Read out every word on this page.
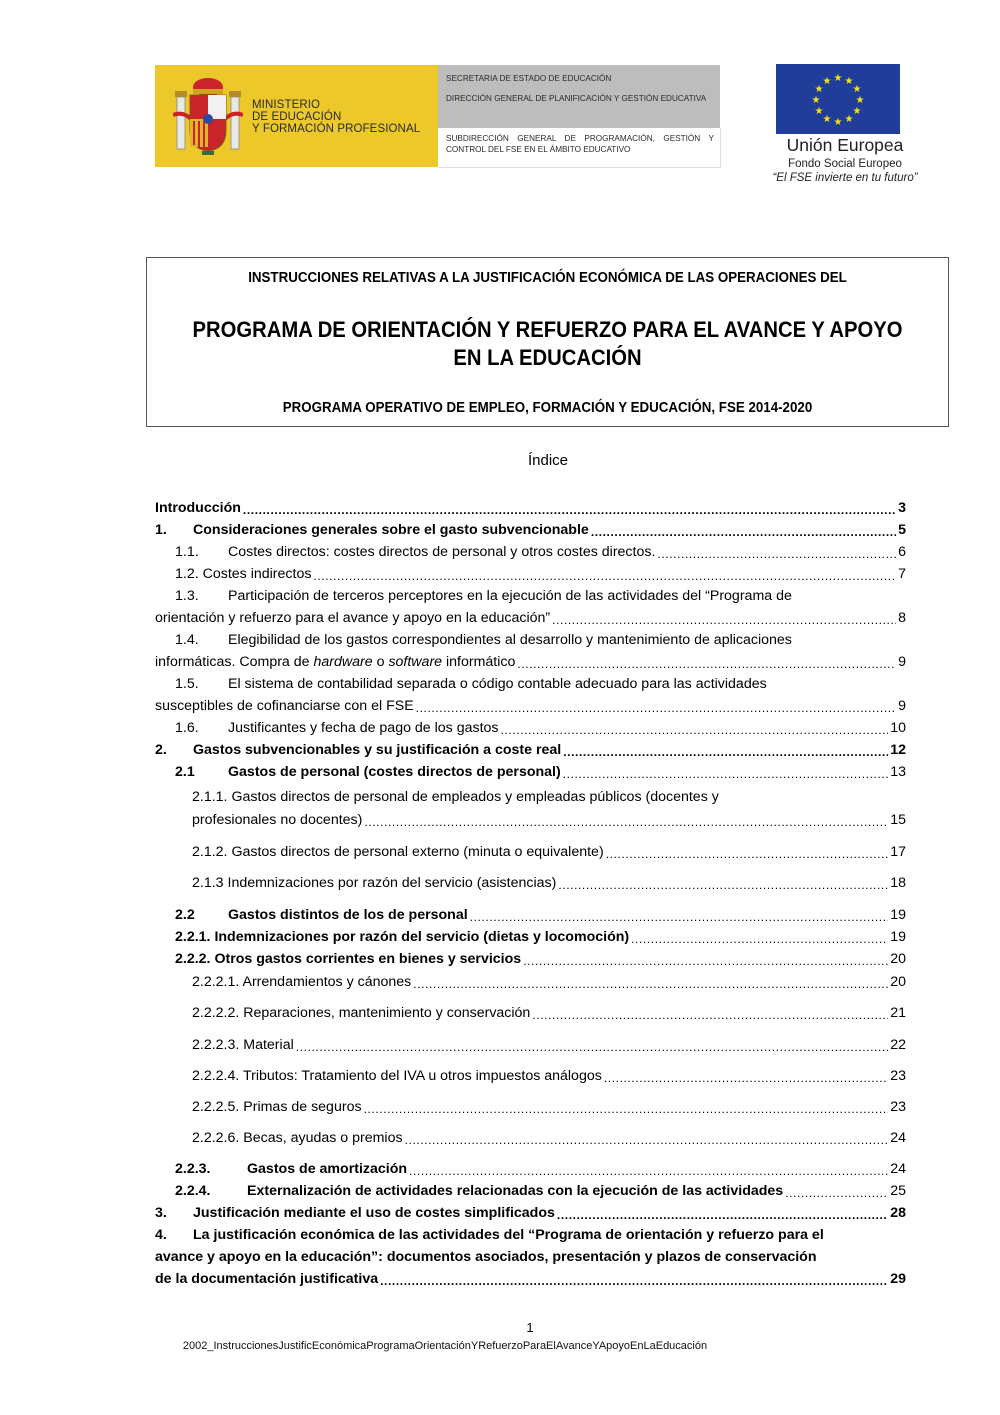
MINISTERIO
DE EDUCACIÓN
Y FORMACIÓN PROFESIONAL
SECRETARIA DE ESTADO DE EDUCACIÓN
DIRECCIÓN GENERAL DE PLANIFICACIÓN Y GESTIÓN EDUCATIVA
SUBDIRECCIÓN GENERAL DE PROGRAMACIÓN, GESTIÓN Y CONTROL DEL FSE EN EL ÁMBITO EDUCATIVO
★ ★
★
★
★
★
★
★
★
★
★
★
Unión Europea
Fondo Social Europeo
“El FSE invierte en tu futuro”
INSTRUCCIONES RELATIVAS A LA JUSTIFICACIÓN ECONÓMICA DE LAS OPERACIONES DEL
PROGRAMA DE ORIENTACIÓN Y REFUERZO PARA EL AVANCE Y APOYO
EN LA EDUCACIÓN
PROGRAMA OPERATIVO DE EMPLEO, FORMACIÓN Y EDUCACIÓN, FSE 2014-2020
Índice
Introducción .....	3
1. Consideraciones generales sobre el gasto subvencionable .....	5
1.1. Costes directos: costes directos de personal y otros costes directos. .....	6
1.2. Costes indirectos .....	7
1.3. Participación de terceros perceptores en la ejecución de las actividades del “Programa de
orientación y refuerzo para el avance y apoyo en la educación” .....	8
1.4. Elegibilidad de los gastos correspondientes al desarrollo y mantenimiento de aplicaciones
informáticas. Compra de hardware o software informático .....	9
1.5. El sistema de contabilidad separada o código contable adecuado para las actividades
susceptibles de cofinanciarse con el FSE .....	9
1.6. Justificantes y fecha de pago de los gastos .....	10
2. Gastos subvencionables y su justificación a coste real .....	12
2.1 Gastos de personal (costes directos de personal) .....	13
2.1.1. Gastos directos de personal de empleados y empleadas públicos (docentes y
profesionales no docentes) .....	15
2.1.2. Gastos directos de personal externo (minuta o equivalente) .....	17
2.1.3 Indemnizaciones por razón del servicio (asistencias) .....	18
2.2 Gastos distintos de los de personal .....	19
2.2.1. Indemnizaciones por razón del servicio (dietas y locomoción) .....	19
2.2.2. Otros gastos corrientes en bienes y servicios .....	20
2.2.2.1. Arrendamientos y cánones .....	20
2.2.2.2. Reparaciones, mantenimiento y conservación .....	21
2.2.2.3. Material .....	22
2.2.2.4. Tributos: Tratamiento del IVA u otros impuestos análogos .....	23
2.2.2.5. Primas de seguros .....	23
2.2.2.6. Becas, ayudas o premios .....	24
2.2.3.	Gastos de amortización .....	24
2.2.4.	Externalización de actividades relacionadas con la ejecución de las actividades .....	25
3. Justificación mediante el uso de costes simplificados .....	28
4. La justificación económica de las actividades del “Programa de orientación y refuerzo para el
avance y apoyo en la educación”: documentos asociados, presentación y plazos de conservación
de la documentación justificativa .....	29
1
2002_InstruccionesJustificEconómicaProgramaOrientaciónYRefuerzoParaElAvanceYApoyoEnLaEducación
